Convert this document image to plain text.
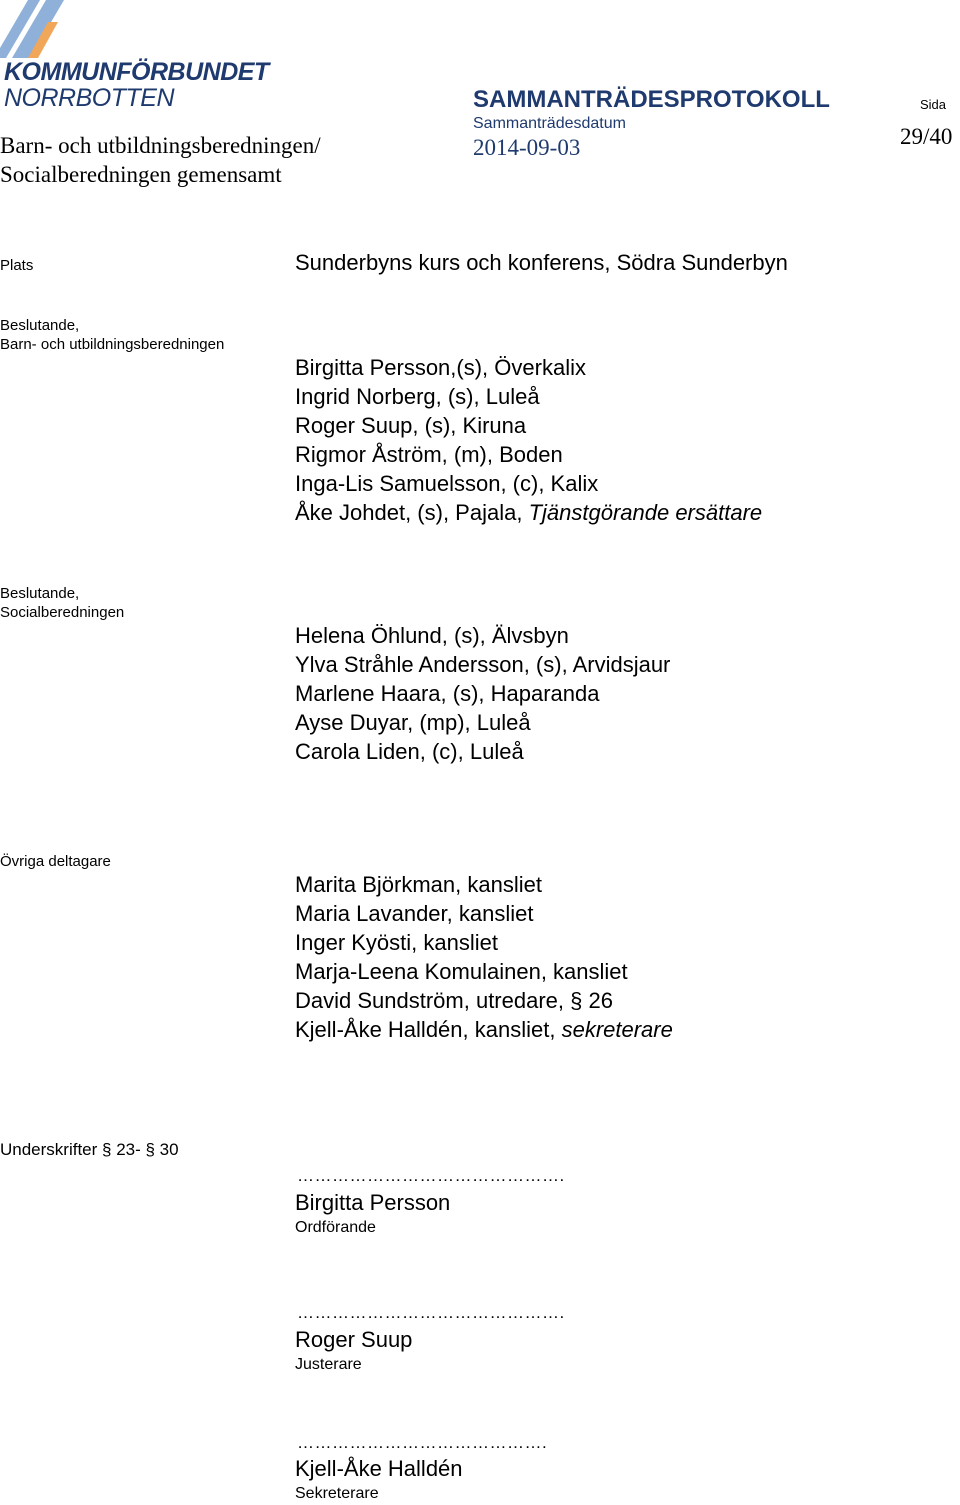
KOMMUNFÖRBUNDET
NORRBOTTEN
Barn- och utbildningsberedningen/
Socialberedningen gemensamt
SAMMANTRÄDESPROTOKOLL
Sammanträdesdatum
2014-09-03
Sida
29/40
Plats	Sunderbyns kurs och konferens, Södra Sunderbyn
Beslutande,
Barn- och utbildningsberedningen
Birgitta Persson,(s), Överkalix
Ingrid Norberg, (s), Luleå
Roger Suup, (s), Kiruna
Rigmor Åström, (m), Boden
Inga-Lis Samuelsson, (c), Kalix
Åke Johdet, (s), Pajala, Tjänstgörande ersättare
Beslutande,
Socialberedningen
Helena Öhlund, (s), Älvsbyn
Ylva Stråhle Andersson, (s), Arvidsjaur
Marlene Haara, (s), Haparanda
Ayse Duyar, (mp), Luleå
Carola Liden, (c), Luleå
Övriga deltagare
Marita Björkman, kansliet
Maria Lavander, kansliet
Inger Kyösti, kansliet
Marja-Leena Komulainen, kansliet
David Sundström, utredare, § 26
Kjell-Åke Halldén, kansliet, sekreterare
Underskrifter § 23- § 30
……………………………………….
Birgitta Persson
Ordförande
……………………………………….
Roger Suup
Justerare
…………………………………….
Kjell-Åke Halldén
Sekreterare
